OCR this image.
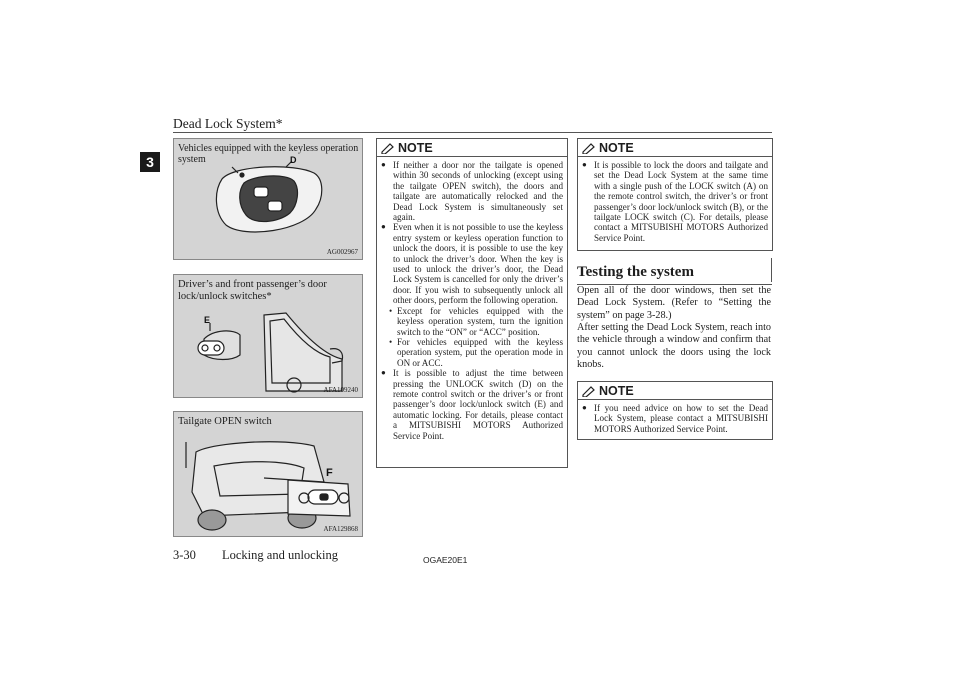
Dead Lock System*
3	D
Vehicles equipped with the keyless operation system
AG002967
E
Driver’s and front passenger’s door lock/unlock switches*
AFA109240
F
Tailgate OPEN switch
AFA129868
NOTE
● If neither a door nor the tailgate is opened within 30 seconds of unlocking (except using the tailgate OPEN switch), the doors and tailgate are automatically relocked and the Dead Lock System is simultaneously set again.
● Even when it is not possible to use the keyless entry system or keyless operation function to unlock the doors, it is possible to use the key to unlock the driver’s door. When the key is used to unlock the driver’s door, the Dead Lock System is cancelled for only the driver’s door. If you wish to subsequently unlock all other doors, perform the following operation.
• Except for vehicles equipped with the keyless operation system, turn the ignition switch to the “ON” or “ACC” position.
• For vehicles equipped with the keyless operation system, put the operation mode in ON or ACC.
● It is possible to adjust the time between pressing the UNLOCK switch (D) on the remote control switch or the driver’s or front passenger’s door lock/unlock switch (E) and automatic locking. For details, please contact a MITSUBISHI MOTORS Authorized Service Point.
NOTE
● It is possible to lock the doors and tailgate and set the Dead Lock System at the same time with a single push of the LOCK switch (A) on the remote control switch, the driver’s or front passenger’s door lock/unlock switch (B), or the tailgate LOCK switch (C). For details, please contact a MITSUBISHI MOTORS Authorized Service Point.
Testing the system
Open all of the door windows, then set the Dead Lock System. (Refer to “Setting the system” on page 3-28.)
After setting the Dead Lock System, reach into the vehicle through a window and confirm that you cannot unlock the doors using the lock knobs.
NOTE
● If you need advice on how to set the Dead Lock System, please contact a MITSUBISHI MOTORS Authorized Service Point.
3-30 Locking and unlocking	OGAE20E1
